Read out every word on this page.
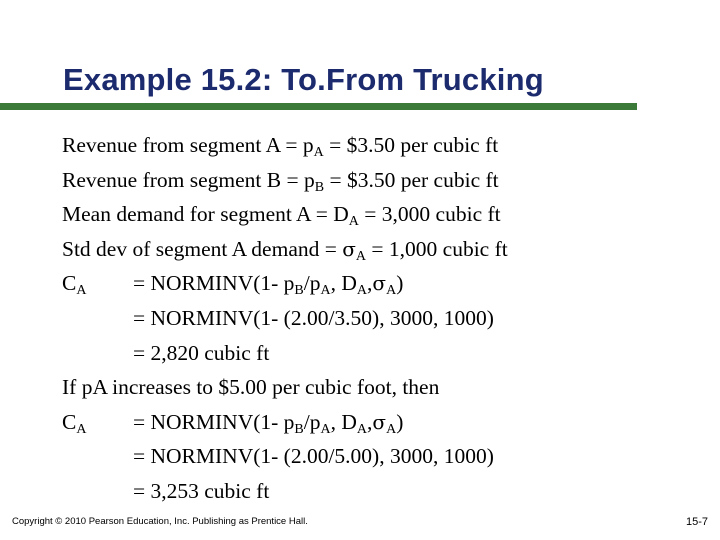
Example 15.2: To.From Trucking
Revenue from segment $A = p_A$ = $3.50 per cubic ft
Revenue from segment $B = p_B$ = $3.50 per cubic ft
Mean demand for segment $A = D_A = 3,000$ cubic ft
Std dev of segment A demand = $\sigma_A = 1,000$ cubic ft
$C_A$ = NORMINV(1- $p_B/p_A$, $D_A,\sigma_A$)
= NORMINV(1- (2.00/3.50), 3000, 1000)
= 2,820 cubic ft
If pA increases to $5.00 per cubic foot, then
$C_A$ = NORMINV(1- $p_B/p_A$, $D_A,\sigma_A$)
= NORMINV(1- (2.00/5.00), 3000, 1000)
= 3,253 cubic ft
Copyright © 2010 Pearson Education, Inc. Publishing as Prentice Hall.	15-7
